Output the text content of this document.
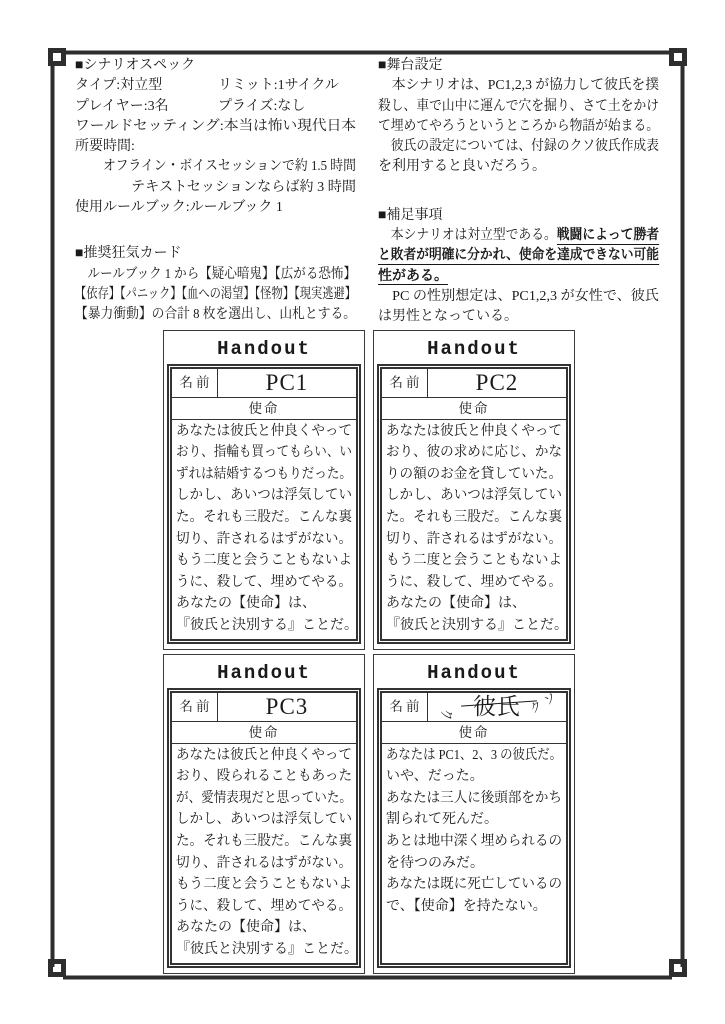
■シナリオスペック
タイプ:対立型	リミット:1サイクル
プレイヤー:3名	プライズ:なし
ワールドセッティング:本当は怖い現代日本
所要時間:
オフライン・ボイスセッションで約 1.5 時間
テキストセッションならば約 3 時間
使用ルールブック:ルールブック 1
■推奨狂気カード
　ルールブック 1 から【疑心暗鬼】【広がる恐怖】
【依存】【パニック】【血への渇望】【怪物】【現実逃避】
【暴力衝動】の合計 8 枚を選出し、山札とする。
■舞台設定
　本シナリオは、PC1,2,3 が協力して彼氏を撲
殺し、車で山中に運んで穴を掘り、さて土をかけ
て埋めてやろうというところから物語が始まる。
　彼氏の設定については、付録のクソ彼氏作成表
を利用すると良いだろう。
■補足事項
　本シナリオは対立型である。戦闘によって勝者
と敗者が明確に分かれ、使命を達成できない可能
性がある。
　PC の性別想定は、PC1,2,3 が女性で、彼氏
は男性となっている。
Handout
名前	PC1
使命
あなたは彼氏と仲良くやって
おり、指輪も買ってもらい、い
ずれは結婚するつもりだった。
しかし、あいつは浮気してい
た。それも三股だ。こんな裏
切り、許されるはずがない。
もう二度と会うこともないよ
うに、殺して、埋めてやる。
あなたの【使命】は、
『彼氏と決別する』ことだ。
Handout
名前	PC2
使命
あなたは彼氏と仲良くやって
おり、彼の求めに応じ、かな
りの額のお金を貸していた。
しかし、あいつは浮気してい
た。それも三股だ。こんな裏
切り、許されるはずがない。
もう二度と会うこともないよ
うに、殺して、埋めてやる。
あなたの【使命】は、
『彼氏と決別する』ことだ。
Handout
名前	PC3
使命
あなたは彼氏と仲良くやって
おり、殴られることもあった
が、愛情表現だと思っていた。
しかし、あいつは浮気してい
た。それも三股だ。こんな裏
切り、許されるはずがない。
もう二度と会うこともないよ
うに、殺して、埋めてやる。
あなたの【使命】は、
『彼氏と決別する』ことだ。
Handout
名前	彼氏
ク	クソ
使命
あなたは PC1、2、3 の彼氏だ。
いや、だった。
あなたは三人に後頭部をかち
割られて死んだ。
あとは地中深く埋められるの
を待つのみだ。
あなたは既に死亡しているの
で、【使命】を持たない。
